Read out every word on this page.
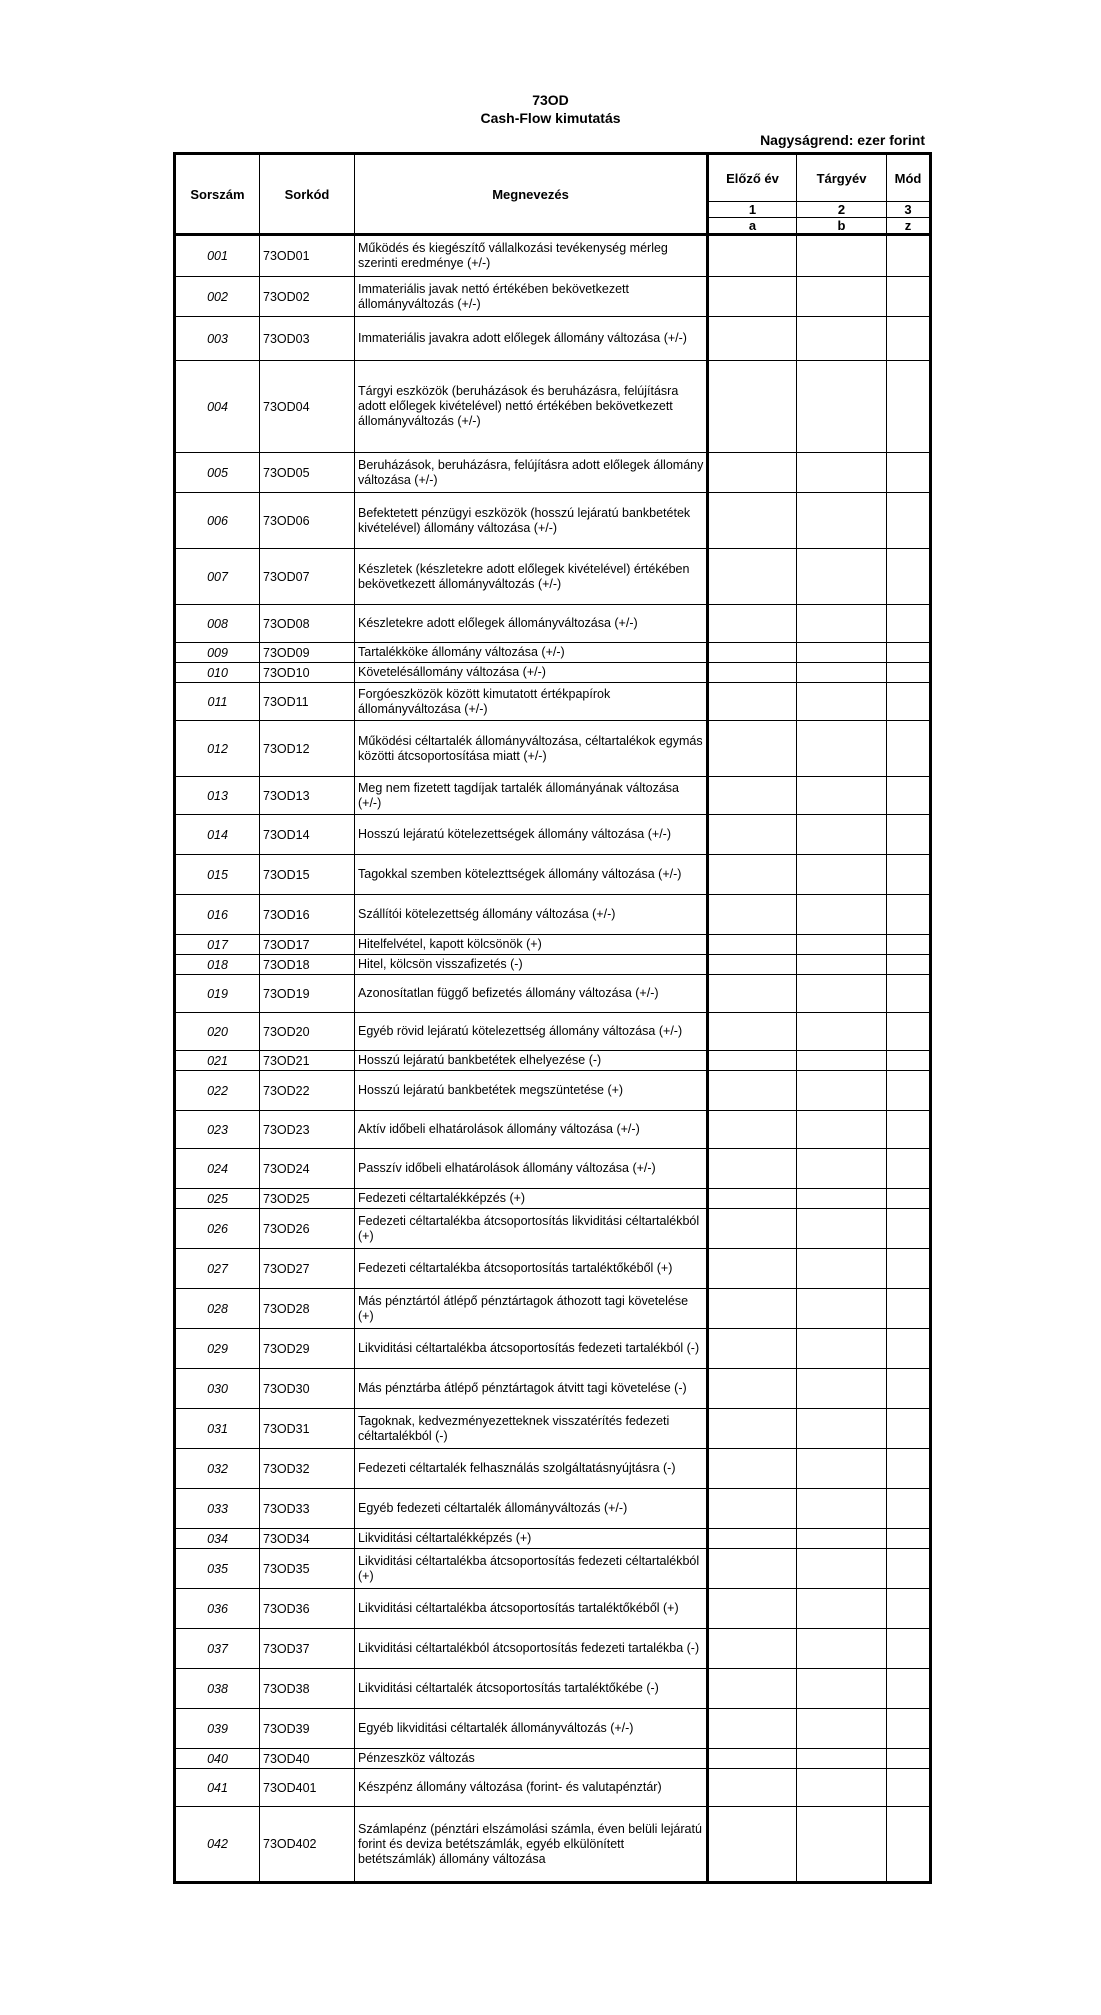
73OD
Cash-Flow kimutatás
Nagyságrend: ezer forint
Sorszám	Sorkód	Megnevezés	Előző év	Tárgyév	Mód
			1	2	3
			a	b	z
001	73OD01	Működés és kiegészítő vállalkozási tevékenység mérleg szerinti eredménye (+/-)			
002	73OD02	Immateriális javak nettó értékében bekövetkezett állományváltozás (+/-)			
003	73OD03	Immateriális javakra adott előlegek állomány változása (+/-)			
004	73OD04	Tárgyi eszközök (beruházások és beruházásra, felújításra adott előlegek kivételével) nettó értékében bekövetkezett állományváltozás (+/-)			
005	73OD05	Beruházások, beruházásra, felújításra adott előlegek állomány változása (+/-)			
006	73OD06	Befektetett pénzügyi eszközök (hosszú lejáratú bankbetétek kivételével) állomány változása (+/-)			
007	73OD07	Készletek (készletekre adott előlegek kivételével) értékében bekövetkezett állományváltozás (+/-)			
008	73OD08	Készletekre adott előlegek állományváltozása (+/-)			
009	73OD09	Tartalékköke állomány változása (+/-)			
010	73OD10	Követelésállomány változása (+/-)			
011	73OD11	Forgóeszközök között kimutatott értékpapírok állományváltozása (+/-)			
012	73OD12	Működési céltartalék állományváltozása, céltartalékok egymás közötti átcsoportosítása miatt (+/-)			
013	73OD13	Meg nem fizetett tagdíjak tartalék állományának változása (+/-)			
014	73OD14	Hosszú lejáratú kötelezettségek állomány változása (+/-)			
015	73OD15	Tagokkal szemben kötelezttségek állomány változása (+/-)			
016	73OD16	Szállítói kötelezettség állomány változása (+/-)			
017	73OD17	Hitelfelvétel, kapott kölcsönök (+)			
018	73OD18	Hitel, kölcsön visszafizetés (-)			
019	73OD19	Azonosítatlan függő befizetés állomány változása (+/-)			
020	73OD20	Egyéb rövid lejáratú kötelezettség állomány változása (+/-)			
021	73OD21	Hosszú lejáratú bankbetétek elhelyezése (-)			
022	73OD22	Hosszú lejáratú bankbetétek megszüntetése (+)			
023	73OD23	Aktív időbeli elhatárolások állomány változása (+/-)			
024	73OD24	Passzív időbeli elhatárolások állomány változása (+/-)			
025	73OD25	Fedezeti céltartalékképzés (+)			
026	73OD26	Fedezeti céltartalékba átcsoportosítás likviditási céltartalékból (+)			
027	73OD27	Fedezeti céltartalékba átcsoportosítás tartaléktőkéből (+)			
028	73OD28	Más pénztártól átlépő pénztártagok áthozott tagi követelése (+)			
029	73OD29	Likviditási céltartalékba átcsoportosítás fedezeti tartalékból (-)			
030	73OD30	Más pénztárba átlépő pénztártagok átvitt tagi követelése (-)			
031	73OD31	Tagoknak, kedvezményezetteknek visszatérítés fedezeti céltartalékból (-)			
032	73OD32	Fedezeti céltartalék felhasználás szolgáltatásnyújtásra (-)			
033	73OD33	Egyéb fedezeti céltartalék állományváltozás (+/-)			
034	73OD34	Likviditási céltartalékképzés (+)			
035	73OD35	Likviditási céltartalékba átcsoportosítás fedezeti céltartalékból (+)			
036	73OD36	Likviditási céltartalékba átcsoportosítás tartaléktőkéből (+)			
037	73OD37	Likviditási céltartalékból átcsoportosítás fedezeti tartalékba (-)			
038	73OD38	Likviditási céltartalék átcsoportosítás tartaléktőkébe (-)			
039	73OD39	Egyéb likviditási céltartalék állományváltozás (+/-)			
040	73OD40	Pénzeszköz változás			
041	73OD401	Készpénz állomány változása (forint- és valutapénztár)			
042	73OD402	Számlapénz (pénztári elszámolási számla, éven belüli lejáratú forint és deviza betétszámlák, egyéb elkülönített betétszámlák) állomány változása			
